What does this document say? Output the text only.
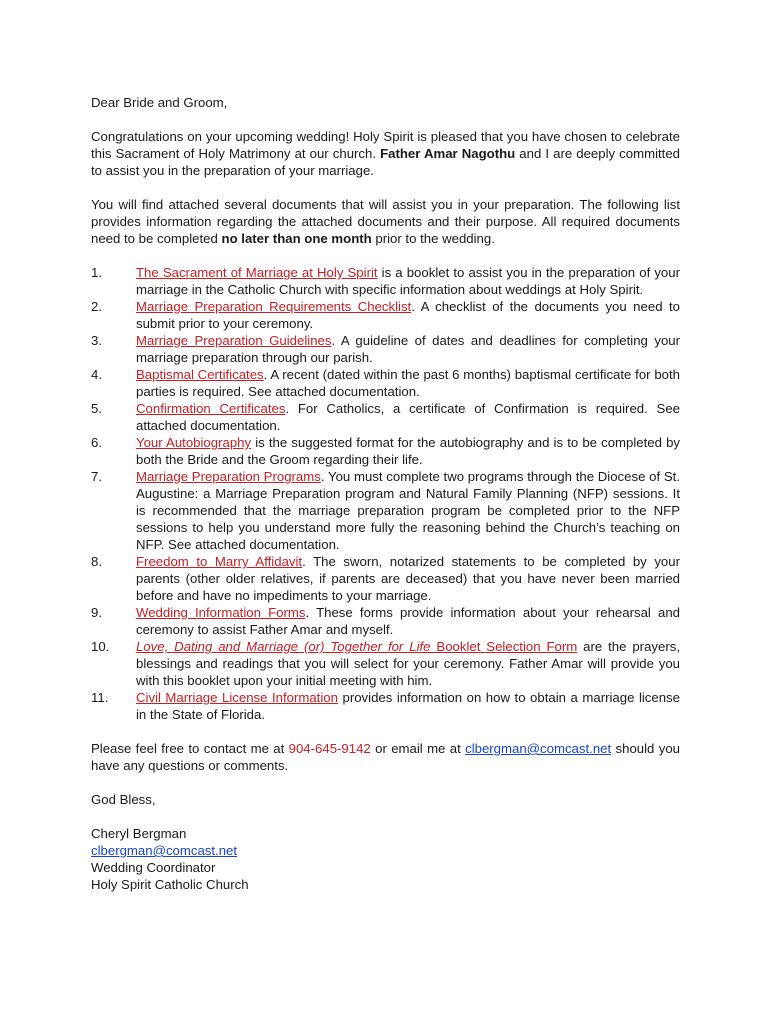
Dear Bride and Groom,

Congratulations on your upcoming wedding! Holy Spirit is pleased that you have chosen to celebrate this Sacrament of Holy Matrimony at our church. Father Amar Nagothu and I are deeply committed to assist you in the preparation of your marriage.

You will find attached several documents that will assist you in your preparation. The following list provides information regarding the attached documents and their purpose. All required documents need to be completed no later than one month prior to the wedding.

1.	The Sacrament of Marriage at Holy Spirit is a booklet to assist you in the preparation of your marriage in the Catholic Church with specific information about weddings at Holy Spirit.
2.	Marriage Preparation Requirements Checklist. A checklist of the documents you need to submit prior to your ceremony.
3.	Marriage Preparation Guidelines. A guideline of dates and deadlines for completing your marriage preparation through our parish.
4.	Baptismal Certificates. A recent (dated within the past 6 months) baptismal certificate for both parties is required. See attached documentation.
5.	Confirmation Certificates. For Catholics, a certificate of Confirmation is required. See attached documentation.
6.	Your Autobiography is the suggested format for the autobiography and is to be completed by both the Bride and the Groom regarding their life.
7.	Marriage Preparation Programs. You must complete two programs through the Diocese of St. Augustine: a Marriage Preparation program and Natural Family Planning (NFP) sessions. It is recommended that the marriage preparation program be completed prior to the NFP sessions to help you understand more fully the reasoning behind the Church’s teaching on NFP. See attached documentation.
8.	Freedom to Marry Affidavit. The sworn, notarized statements to be completed by your parents (other older relatives, if parents are deceased) that you have never been married before and have no impediments to your marriage.
9.	Wedding Information Forms. These forms provide information about your rehearsal and ceremony to assist Father Amar and myself.
10.	Love, Dating and Marriage (or) Together for Life Booklet Selection Form are the prayers, blessings and readings that you will select for your ceremony. Father Amar will provide you with this booklet upon your initial meeting with him.
11.	Civil Marriage License Information provides information on how to obtain a marriage license in the State of Florida.

Please feel free to contact me at 904-645-9142 or email me at clbergman@comcast.net should you have any questions or comments.

God Bless,

Cheryl Bergman
clbergman@comcast.net
Wedding Coordinator
Holy Spirit Catholic Church
